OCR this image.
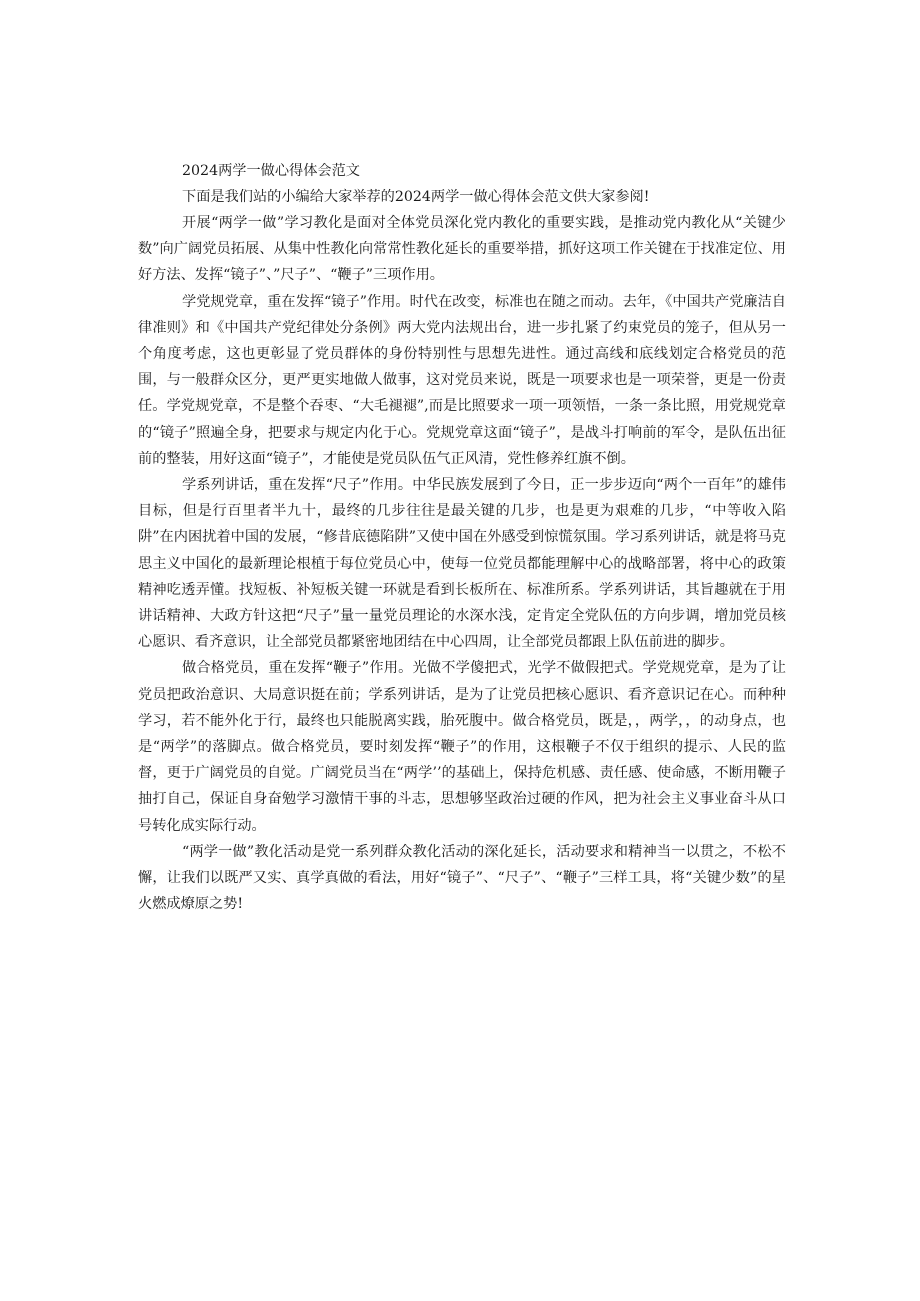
2024两学一做心得体会范文

下面是我们站的小编给大家举荐的2024两学一做心得体会范文供大家参阅!

开展“两学一做”学习教化是面对全体党员深化党内教化的重要实践，是推动党内教化从“关键少数”向广阔党员拓展、从集中性教化向常常性教化延长的重要举措，抓好这项工作关键在于找准定位、用好方法、发挥“镜子”、”尺子”、“鞭子”三项作用。

学党规党章，重在发挥“镜子”作用。时代在改变，标准也在随之而动。去年，《中国共产党廉洁自律准则》和《中国共产党纪律处分条例》两大党内法规出台，进一步扎紧了约束党员的笼子，但从另一个角度考虑，这也更彰显了党员群体的身份特别性与思想先进性。通过高线和底线划定合格党员的范围，与一般群众区分，更严更实地做人做事，这对党员来说，既是一项要求也是一项荣誉，更是一份责任。学党规党章，不是整个吞枣、“大毛褪褪”,而是比照要求一项一项领悟，一条一条比照，用党规党章的“镜子”照遍全身，把要求与规定内化于心。党规党章这面“镜子”，是战斗打响前的军令，是队伍出征前的整装，用好这面“镜子”，才能使是党员队伍气正风清，党性修养红旗不倒。

学系列讲话，重在发挥“尺子”作用。中华民族发展到了今日，正一步步迈向“两个一百年”的雄伟目标，但是行百里者半九十，最终的几步往往是最关键的几步，也是更为艰难的几步，“中等收入陷阱”在内困扰着中国的发展，“修昔底德陷阱”又使中国在外感受到惊慌氛围。学习系列讲话，就是将马克思主义中国化的最新理论根植于每位党员心中，使每一位党员都能理解中心的战略部署，将中心的政策精神吃透弄懂。找短板、补短板关键一环就是看到长板所在、标准所系。学系列讲话，其旨趣就在于用讲话精神、大政方针这把“尺子”量一量党员理论的水深水浅，定肯定全党队伍的方向步调，增加党员核心愿识、看齐意识，让全部党员都紧密地团结在中心四周，让全部党员都跟上队伍前进的脚步。

做合格党员，重在发挥“鞭子”作用。光做不学傻把式，光学不做假把式。学党规党章，是为了让党员把政治意识、大局意识挺在前；学系列讲话，是为了让党员把核心愿识、看齐意识记在心。而种种学习，若不能外化于行，最终也只能脱离实践，胎死腹中。做合格党员，既是，，两学，，的动身点，也是“两学”的落脚点。做合格党员，要时刻发挥“鞭子”的作用，这根鞭子不仅于组织的提示、人民的监督，更于广阔党员的自觉。广阔党员当在“两学’’的基础上，保持危机感、责任感、使命感，不断用鞭子抽打自己，保证自身奋勉学习激情干事的斗志，思想够坚政治过硬的作风，把为社会主义事业奋斗从口号转化成实际行动。

“两学一做”教化活动是党一系列群众教化活动的深化延长，活动要求和精神当一以贯之，不松不懈，让我们以既严又实、真学真做的看法，用好“镜子”、“尺子”、“鞭子”三样工具，将“关键少数”的星火燃成燎原之势!
